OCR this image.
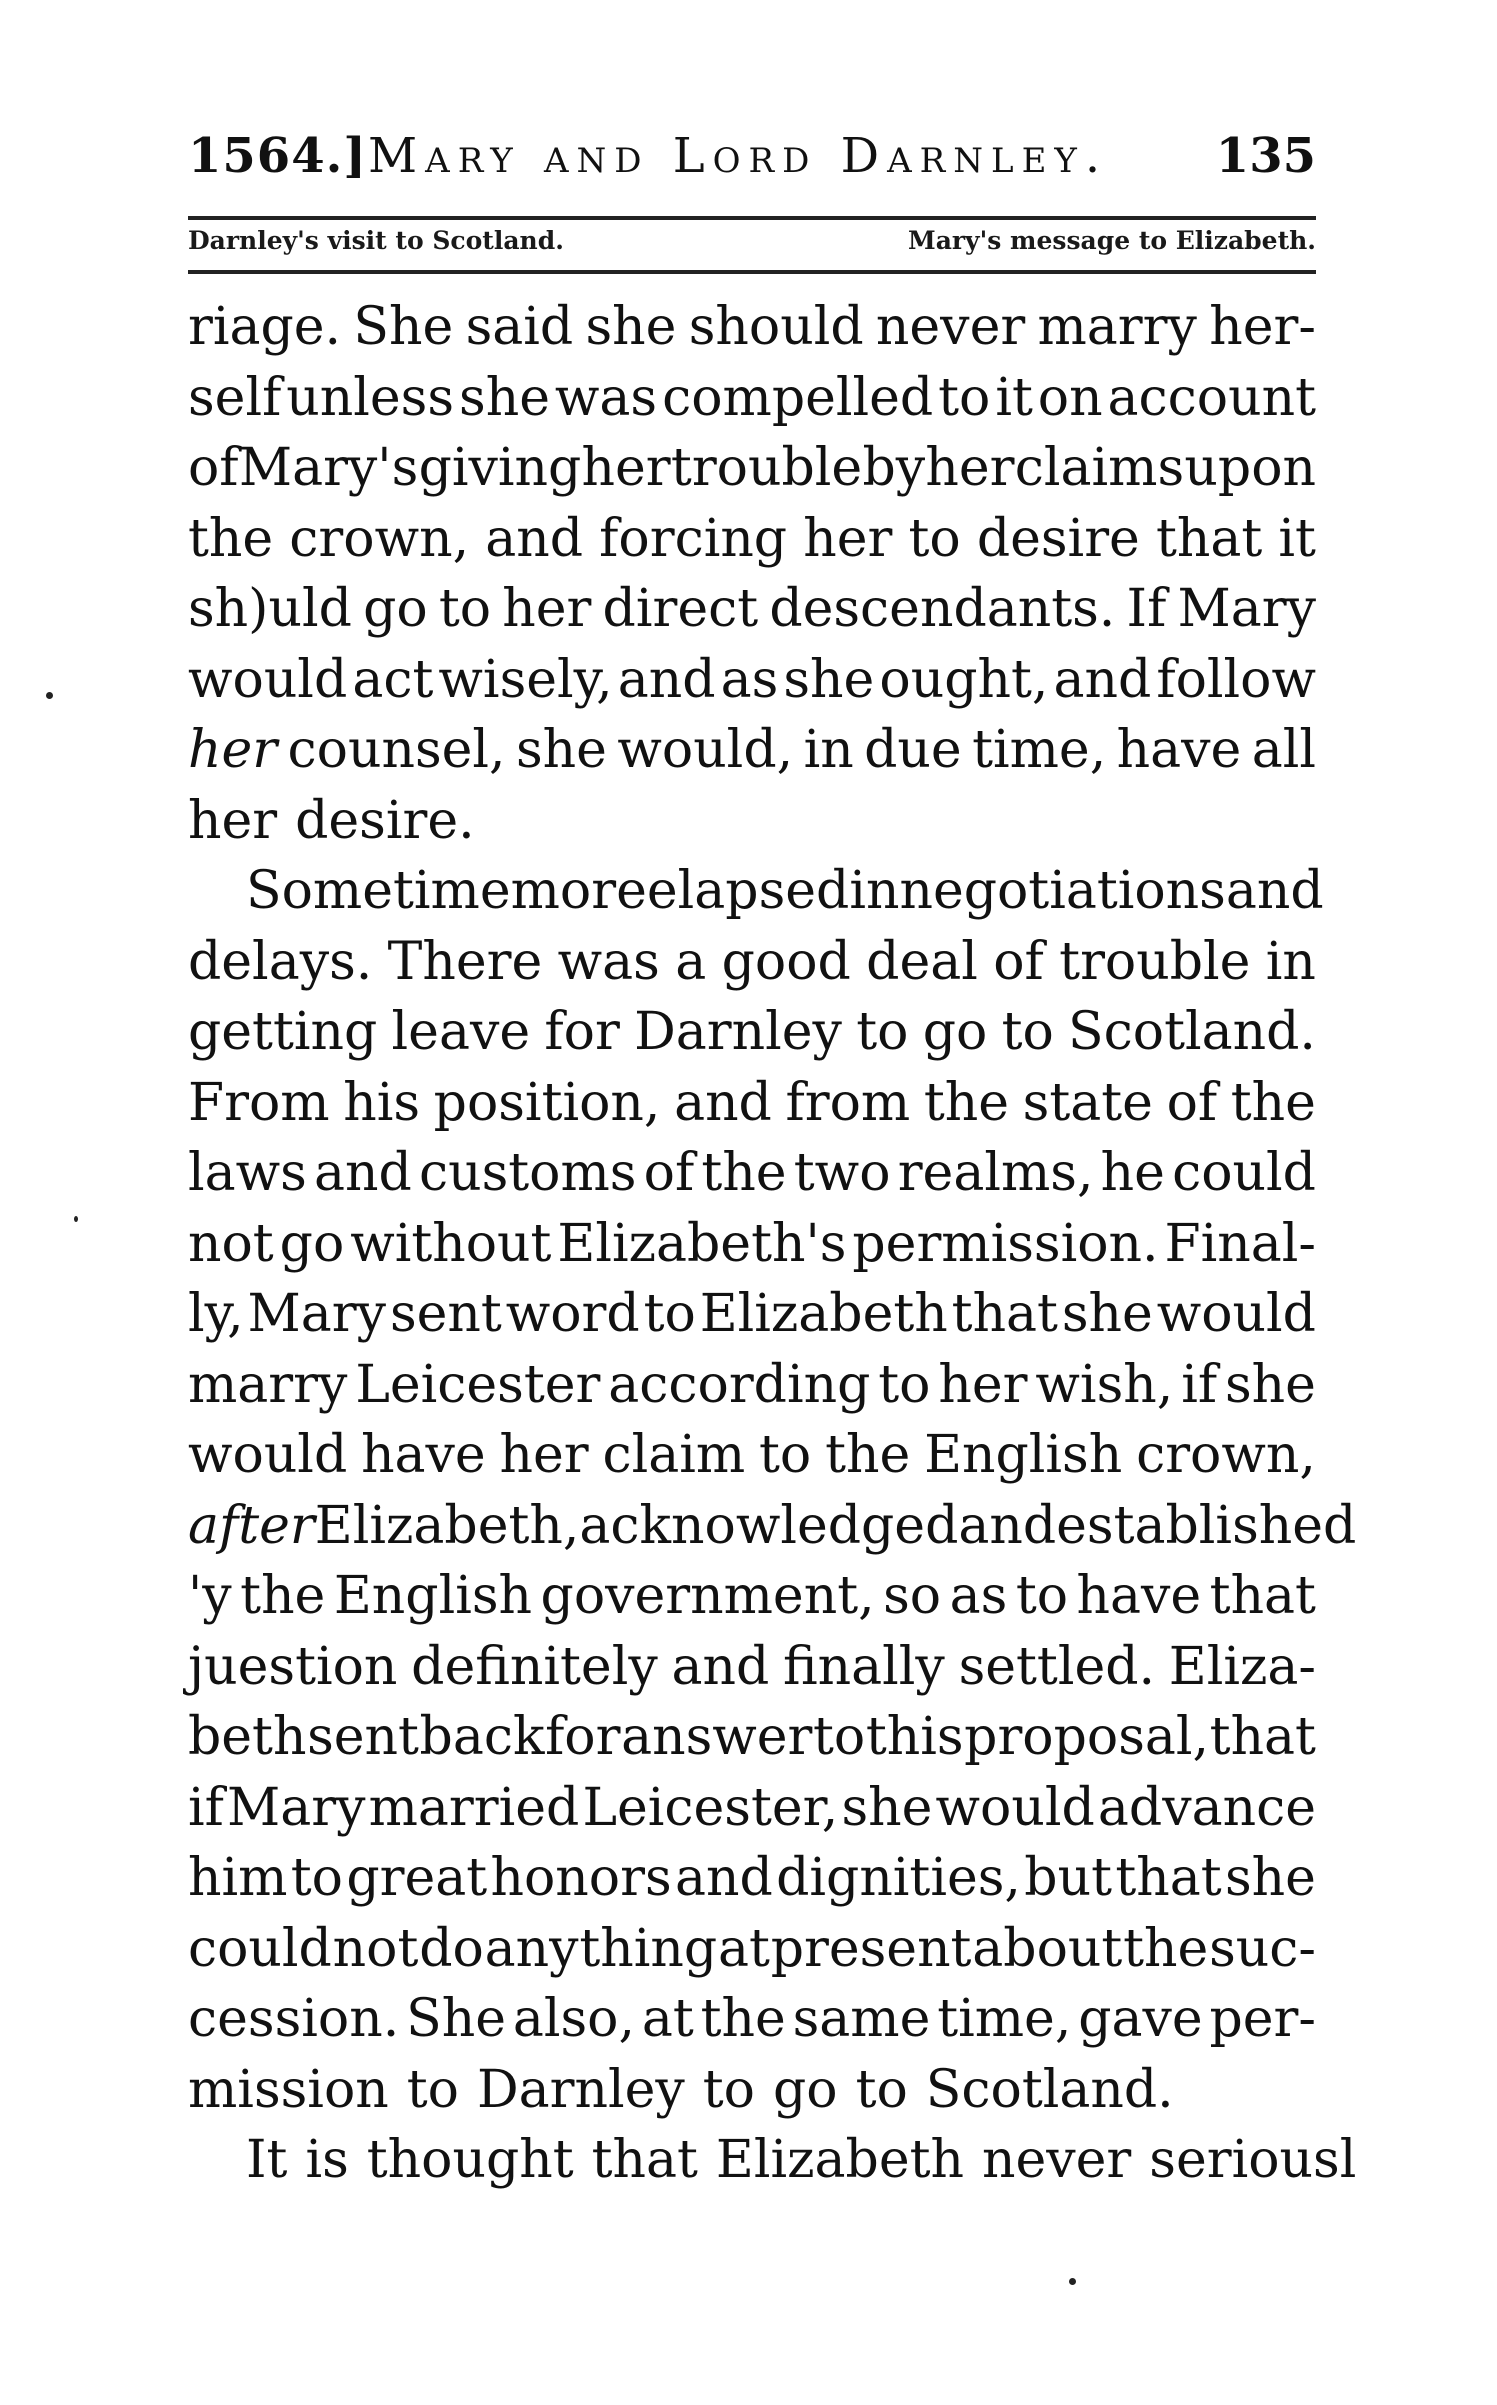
1564.] Mary and Lord Darnley. 135
Darnley's visit to Scotland.	Mary's message to Elizabeth.
riage. She said she should never marry her-
self unless she was compelled to it on account
of Mary's giving her trouble by her claims upon
the crown, and forcing her to desire that it
sh)uld go to her direct descendants. If Mary
would act wisely, and as she ought, and follow
her counsel, she would, in due time, have all
her desire.
Some time more elapsed in negotiations and
delays. There was a good deal of trouble in
getting leave for Darnley to go to Scotland.
From his position, and from the state of the
laws and customs of the two realms, he could
not go without Elizabeth's permission. Final-
ly, Mary sent word to Elizabeth that she would
marry Leicester according to her wish, if she
would have her claim to the English crown,
after Elizabeth, acknowledged and established
'y the English government, so as to have that
juestion definitely and finally settled. Eliza-
beth sent back for answer to this proposal, that
if Mary married Leicester, she would advance
him to great honors and dignities, but that she
could not do any thing at present about the suc-
cession. She also, at the same time, gave per-
mission to Darnley to go to Scotland.
It is thought that Elizabeth never seriousl
